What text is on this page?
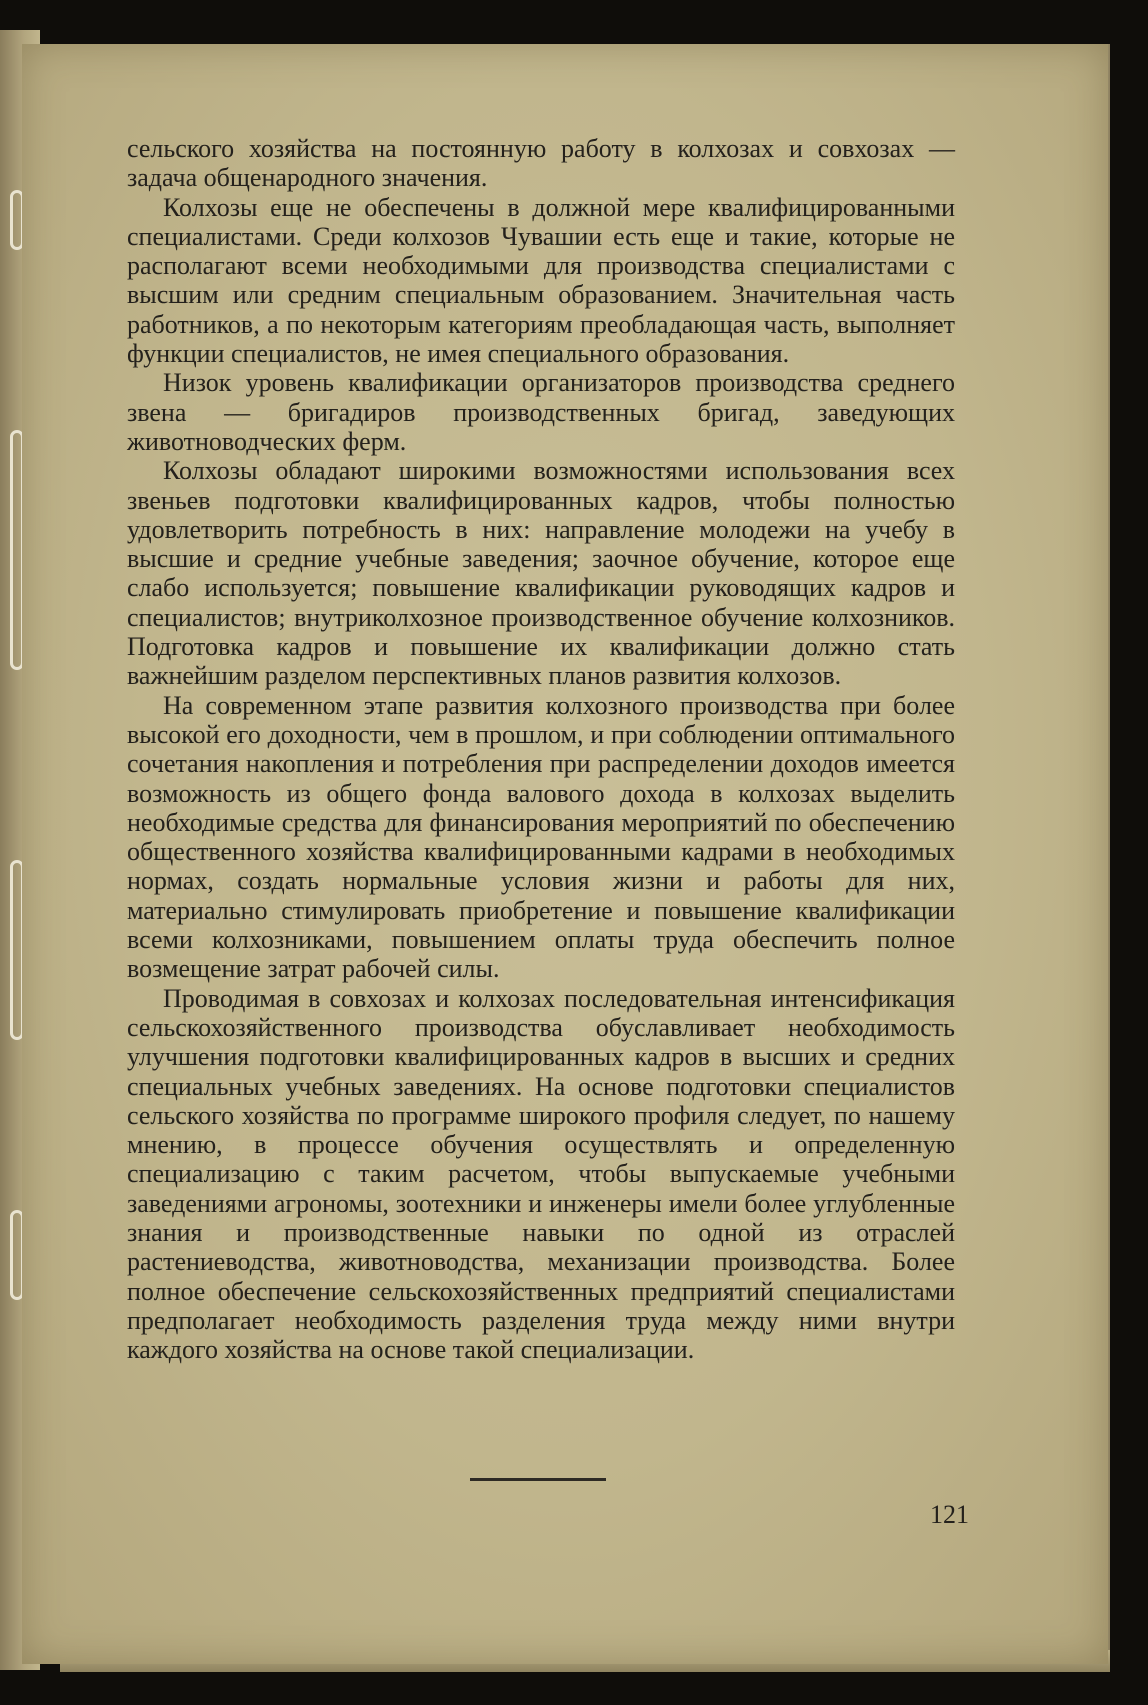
сельского хозяйства на постоянную работу в колхозах и совхозах — задача общенародного значения.

Колхозы еще не обеспечены в должной мере квалифицированными специалистами. Среди колхозов Чувашии есть еще и такие, которые не располагают всеми необходимыми для производства специалистами с высшим или средним специальным образованием. Значительная часть работников, а по некоторым категориям преобладающая часть, выполняет функции специалистов, не имея специального образования.

Низок уровень квалификации организаторов производства среднего звена — бригадиров производственных бригад, заведующих животноводческих ферм.

Колхозы обладают широкими возможностями использования всех звеньев подготовки квалифицированных кадров, чтобы полностью удовлетворить потребность в них: направление молодежи на учебу в высшие и средние учебные заведения; заочное обучение, которое еще слабо используется; повышение квалификации руководящих кадров и специалистов; внутриколхозное производственное обучение колхозников. Подготовка кадров и повышение их квалификации должно стать важнейшим разделом перспективных планов развития колхозов.

На современном этапе развития колхозного производства при более высокой его доходности, чем в прошлом, и при соблюдении оптимального сочетания накопления и потребления при распределении доходов имеется возможность из общего фонда валового дохода в колхозах выделить необходимые средства для финансирования мероприятий по обеспечению общественного хозяйства квалифицированными кадрами в необходимых нормах, создать нормальные условия жизни и работы для них, материально стимулировать приобретение и повышение квалификации всеми колхозниками, повышением оплаты труда обеспечить полное возмещение затрат рабочей силы.

Проводимая в совхозах и колхозах последовательная интенсификация сельскохозяйственного производства обуславливает необходимость улучшения подготовки квалифицированных кадров в высших и средних специальных учебных заведениях. На основе подготовки специалистов сельского хозяйства по программе широкого профиля следует, по нашему мнению, в процессе обучения осуществлять и определенную специализацию с таким расчетом, чтобы выпускаемые учебными заведениями агрономы, зоотехники и инженеры имели более углубленные знания и производственные навыки по одной из отраслей растениеводства, животноводства, механизации производства. Более полное обеспечение сельскохозяйственных предприятий специалистами предполагает необходимость разделения труда между ними внутри каждого хозяйства на основе такой специализации.

121
